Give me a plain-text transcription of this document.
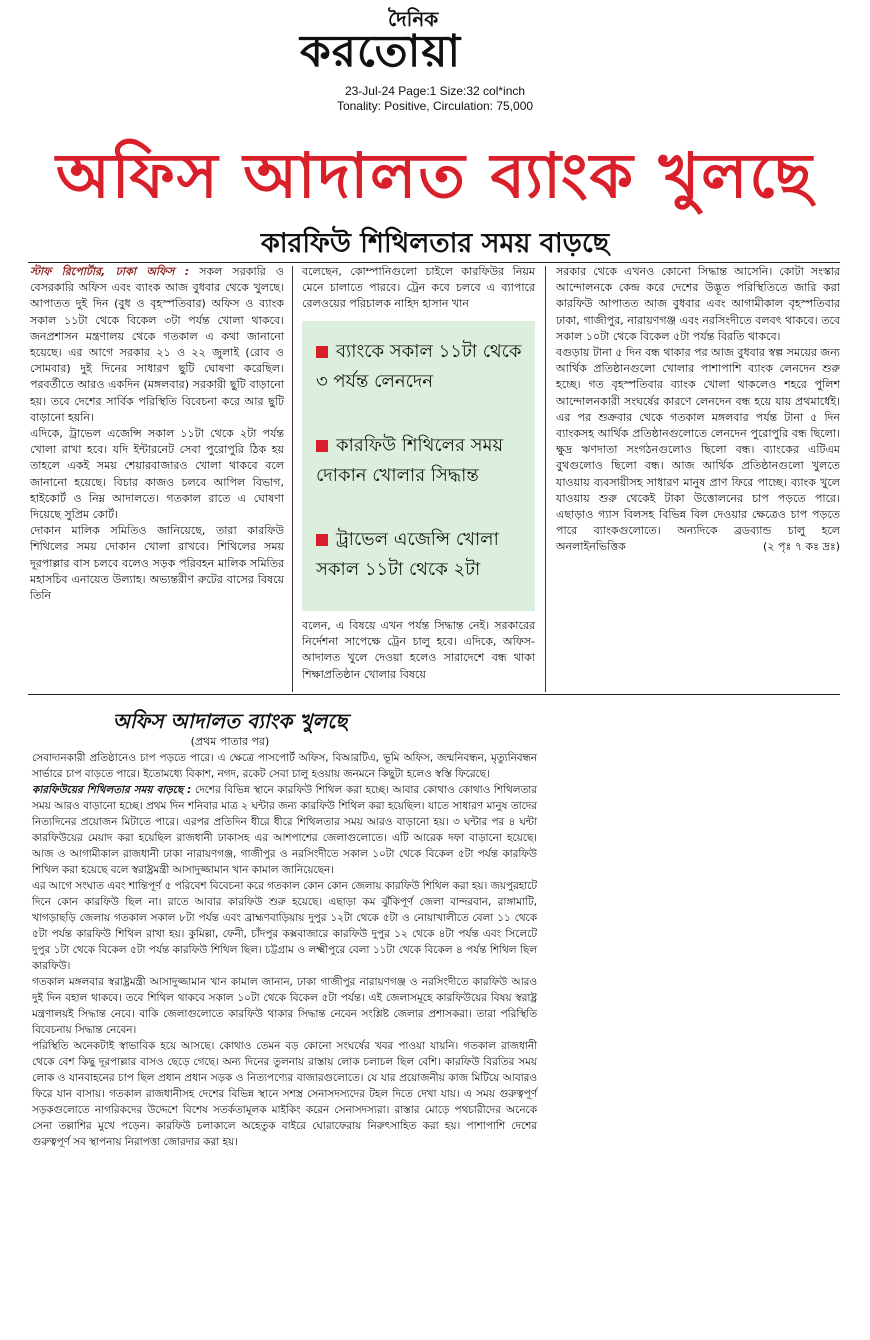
দৈনিক
করতোয়া
23-Jul-24 Page:1 Size:32 col*inch
Tonality: Positive, Circulation: 75,000
অফিস আদালত ব্যাংক খুলছে
কারফিউ শিথিলতার সময় বাড়ছে

স্টাফ রিপোর্টার, ঢাকা অফিস : সকল সরকারি ও বেসরকারি অফিস এবং ব্যাংক আজ বুধবার থেকে খুলছে। আপাতত দুই দিন (বুধ ও বৃহস্পতিবার) অফিস ও ব্যাংক সকাল ১১টা থেকে বিকেল ৩টা পর্যন্ত খোলা থাকবে। জনপ্রশাসন মন্ত্রণালয় থেকে গতকাল এ কথা জানানো হয়েছে। এর আগে সরকার ২১ ও ২২ জুলাই (রোব ও সোমবার) দুই দিনের সাধারণ ছুটি ঘোষণা করেছিল। পরবর্তীতে আরও একদিন (মঙ্গলবার) সরকারী ছুটি বাড়ানো হয়। তবে দেশের সার্বিক পরিস্থিতি বিবেচনা করে আর ছুটি বাড়ানো হয়নি।

এদিকে, ট্রাভেল এজেন্সি সকাল ১১টা থেকে ২টা পর্যন্ত খোলা রাখা হবে। যদি ইন্টারনেট সেবা পুরোপুরি ঠিক হয় তাহলে একই সময় শেয়ারবাজারও খোলা থাকবে বলে জানানো হয়েছে। বিচার কাজও চলবে আপিল বিভাগ, হাইকোর্ট ও নিম্ন আদালতে। গতকাল রাতে এ ঘোষণা দিয়েছে সুপ্রিম কোর্ট।

দোকান মালিক সমিতিও জানিয়েছে, তারা কারফিউ শিথিলের সময় দোকান খোলা রাখবে। শিথিলের সময় দূরপাল্লার বাস চলবে বলেও সড়ক পরিবহন মালিক সমিতির মহাসচিব এনায়েত উল্যাহ। অভ্যন্তরীণ রুটের বাসের বিষয়ে তিনি

বলেছেন, কোম্পানিগুলো চাইলে কারফিউর নিয়ম মেনে চালাতে পারবে। ট্রেন কবে চলবে এ ব্যাপারে রেলওয়ের পরিচালক নাহিদ হাসান খান
ব্যাংকে সকাল ১১টা থেকে ৩ পর্যন্ত লেনদেন
কারফিউ শিথিলের সময় দোকান খোলার সিদ্ধান্ত
ট্রাভেল এজেন্সি খোলা সকাল ১১টা থেকে ২টা
বলেন, এ বিষয়ে এখন পর্যন্ত সিদ্ধান্ত নেই। সরকারের নির্দেশনা সাপেক্ষে ট্রেন চালু হবে। এদিকে, অফিস-আদালত খুলে দেওয়া হলেও সারাদেশে বন্ধ থাকা শিক্ষাপ্রতিষ্ঠান খোলার বিষয়ে

সরকার থেকে এখনও কোনো সিদ্ধান্ত আসেনি। কোটা সংস্কার আন্দোলনকে কেন্দ্র করে দেশের উদ্ভূত পরিস্থিতিতে জারি করা কারফিউ আপাতত আজ বুধবার এবং আগামীকাল বৃহস্পতিবার ঢাকা, গাজীপুর, নারায়ণগঞ্জ এবং নরসিংদীতে বলবৎ থাকবে। তবে সকাল ১০টা থেকে বিকেল ৫টা পর্যন্ত বিরতি থাকবে।

বগুড়ায় টানা ৫ দিন বন্ধ থাকার পর আজ বুধবার স্বল্প সময়ের জন্য আর্থিক প্রতিষ্ঠানগুলো খোলার পাশাপাশি ব্যাংক লেনদেন শুরু হচ্ছে। গত বৃহস্পতিবার ব্যাংক খোলা থাকলেও শহরে পুলিশ আন্দোলনকারী সংঘর্ষের কারণে লেনদেন বন্ধ হয়ে যায় প্রথমার্ধেই। এর পর শুক্রবার থেকে গতকাল মঙ্গলবার পর্যন্ত টানা ৫ দিন ব্যাংকসহ আর্থিক প্রতিষ্ঠানগুলোতে লেনদেন পুরোপুরি বন্ধ ছিলো। ক্ষুদ্র ঋণদাতা সংগঠনগুলোও ছিলো বন্ধ। ব্যাংকের এটিএম বুথগুলোও ছিলো বন্ধ। আজ আর্থিক প্রতিষ্ঠানগুলো খুলতে যাওয়ায় ব্যবসায়ীসহ সাধারণ মানুষ প্রাণ ফিরে পাচ্ছে। ব্যাংক খুলে যাওয়ায় শুরু থেকেই টাকা উত্তোলনের চাপ পড়তে পারে। এছাড়াও গ্যাস বিলসহ বিভিন্ন বিল দেওয়ার ক্ষেত্রেও চাপ পড়তে পারে ব্যাংকগুলোতে। অন্যদিকে ব্রডব্যান্ড চালু হলে অনলাইনভিত্তিক	(২ পৃঃ ৭ কঃ দ্রঃ)

অফিস আদালত ব্যাংক খুলছে
(প্রথম পাতার পর)

সেবাদানকারী প্রতিষ্ঠানেও চাপ পড়তে পারে। এ ক্ষেত্রে পাসপোর্ট অফিস, বিআরটিএ, ভূমি অফিস, জন্মনিবন্ধন, মৃত্যুনিবন্ধন সার্ভারে চাপ বাড়তে পারে। ইতোমধ্যে বিকাশ, নগদ, রকেট সেবা চালু হওয়ায় জনমনে কিছুটা হলেও স্বস্তি ফিরেছে।

কারফিউয়ের শিথিলতার সময় বাড়ছে : দেশের বিভিন্ন স্থানে কারফিউ শিথিল করা হচ্ছে। আবার কোথাও কোথাও শিথিলতার সময় আরও বাড়ানো হচ্ছে। প্রথম দিন শনিবার মাত্র ২ ঘন্টার জন্য কারফিউ শিথিল করা হয়েছিল। যাতে সাধারণ মানুষ তাদের নিত্যদিনের প্রয়োজন মিটাতে পারে। এরপর প্রতিদিন ধীরে ধীরে শিথিলতার সময় আরও বাড়ানো হয়। ৩ ঘন্টার পর ৪ ঘন্টা কারফিউয়ের মেয়াদ করা হয়েছিল রাজধানী ঢাকাসহ এর আশপাশের জেলাগুলোতে। এটি আরেক দফা বাড়ানো হয়েছে। আজ ও আগামীকাল রাজধানী ঢাকা নারায়ণগঞ্জ, গাজীপুর ও নরসিংদীতে সকাল ১০টা থেকে বিকেল ৫টা পর্যন্ত কারফিউ শিথিল করা হয়েছে বলে স্বরাষ্ট্রমন্ত্রী আসাদুজ্জামান খান কামাল জানিয়েছেন।

এর আগে সংঘাত এবং শান্তিপূর্ণ ৫ পরিবেশ বিবেচনা করে গতকাল কোন কোন জেলায় কারফিউ শিথিল করা হয়। জয়পুরহাটে দিনে কোন কারফিউ ছিল না। রাতে আবার কারফিউ শুরু হয়েছে। এছাড়া কম ঝুঁকিপূর্ণ জেলা বান্দরবান, রাঙ্গামাটি, খাগড়াছড়ি জেলায় গতকাল সকাল ৮টা পর্যন্ত এবং ব্রাহ্মণবাড়িয়ায় দুপুর ১২টা থেকে ৫টা ও নোয়াখালীতে বেলা ১১ থেকে ৫টা পর্যন্ত কারফিউ শিথিল রাখা হয়। কুমিল্লা, ফেনী, চাঁদপুর কক্সবাজারে কারফিউ দুপুর ১২ থেকে ৪টা পর্যন্ত এবং সিলেটে দুপুর ১টা থেকে বিকেল ৫টা পর্যন্ত কারফিউ শিথিল ছিল। চট্টগ্রাম ও লক্ষ্মীপুরে বেলা ১১টা থেকে বিকেল ৪ পর্যন্ত শিথিল ছিল কারফিউ।

গতকাল মঙ্গলবার স্বরাষ্ট্রমন্ত্রী আসাদুজ্জামান খান কামাল জানান, ঢাকা গাজীপুর নারায়ণগঞ্জ ও নরসিংদীতে কারফিউ আরও দুই দিন বহাল থাকবে। তবে শিথিল থাকবে সকাল ১০টা থেকে বিকেল ৫টা পর্যন্ত। এই জেলাসমূহে কারফিউয়ের বিষয় স্বরাষ্ট্র মন্ত্রণালয়ই সিদ্ধান্ত নেবে। বাকি জেলাগুলোতে কারফিউ থাকার সিদ্ধান্ত নেবেন সংশ্লিষ্ট জেলার প্রশাসকরা। তারা পরিস্থিতি বিবেচনায় সিদ্ধান্ত নেবেন।

পরিস্থিতি অনেকটাই স্বাভাবিক হয়ে আসছে। কোথাও তেমন বড় কোনো সংঘর্ষের খবর পাওয়া যায়নি। গতকাল রাজধানী থেকে বেশ কিছু দূরপাল্লার বাসও ছেড়ে গেছে। অন্য দিনের তুলনায় রাস্তায় লোক চলাচল ছিল বেশি। কারফিউ বিরতির সময় লোক ও যানবাহনের চাপ ছিল প্রধান প্রধান সড়ক ও নিত্যপণ্যের বাজারগুলোতে। যে যার প্রয়োজনীয় কাজ মিটিয়ে আবারও ফিরে যান বাসায়। গতকাল রাজধানীসহ দেশের বিভিন্ন স্থানে সশস্ত্র সেনাসদস্যদের টহল দিতে দেখা যায়। এ সময় গুরুত্বপূর্ণ সড়কগুলোতে নাগরিকদের উদ্দেশে বিশেষ সতর্কতামূলক মাইকিং করেন সেনাসদস্যরা। রাস্তার মোড়ে পথচারীদের অনেকে সেনা তল্লাশির মুখে পড়েন। কারফিউ চলাকালে অহেতুক বাইরে ঘোরাফেরায় নিরুৎসাহিত করা হয়। পাশাপাশি দেশের গুরুত্বপূর্ণ সব স্থাপনায় নিরাপত্তা জোরদার করা হয়।
